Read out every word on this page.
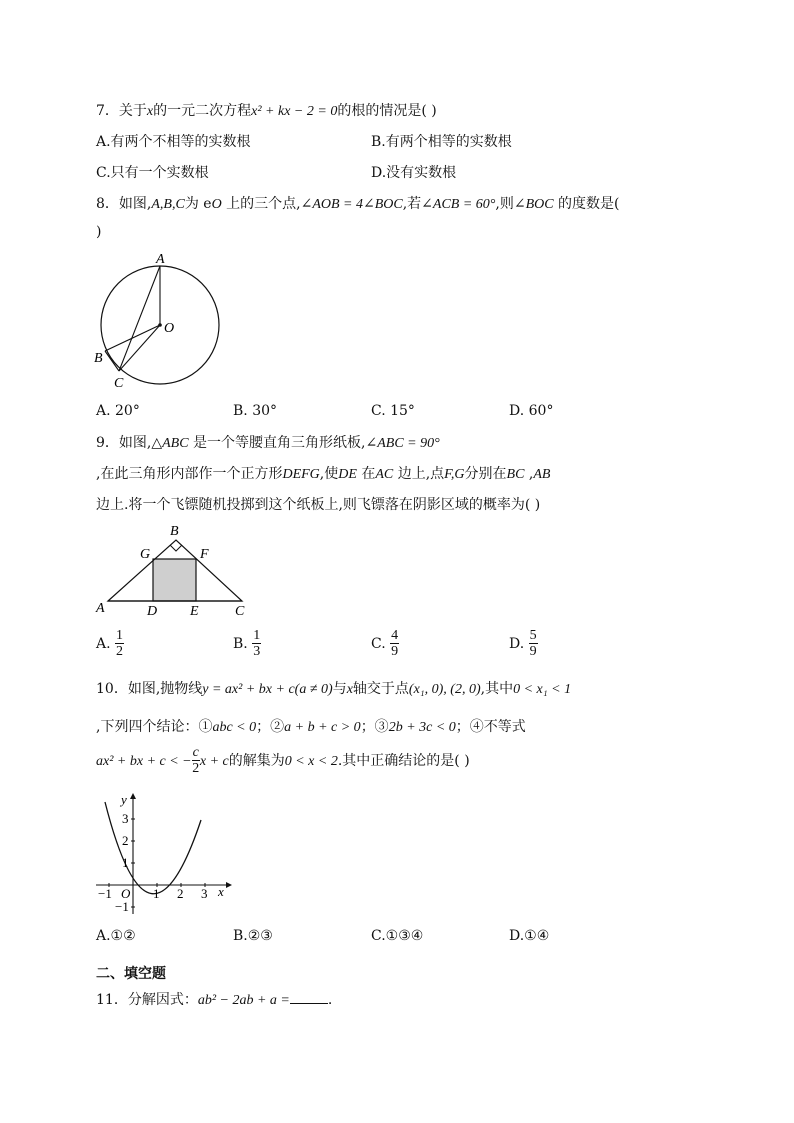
7．关于x的一元二次方程x² + kx − 2 = 0的根的情况是( )
A.有两个不相等的实数根	B.有两个相等的实数根
C.只有一个实数根	D.没有实数根
8．如图,A,B,C为 eO 上的三个点,∠AOB = 4∠BOC,若∠ACB = 60°,则∠BOC 的度数是(
)
A
O
B
C
A. 20°	B. 30°	C. 15°	D. 60°
9．如图,△ABC 是一个等腰直角三角形纸板,∠ABC = 90°
,在此三角形内部作一个正方形DEFG,使DE 在AC 边上,点F,G分别在BC ,AB
边上.将一个飞镖随机投掷到这个纸板上,则飞镖落在阴影区域的概率为( )
B
G	F
A	D E	C
A. $\frac{1}{2}$	B. $\frac{1}{3}$	C. $\frac{4}{9}$	D. $\frac{5}{9}$
10．如图,抛物线y = ax² + bx + c(a ≠ 0)与x轴交于点(x₁, 0), (2, 0),其中0 < x₁ < 1
,下列四个结论：①abc < 0；②a + b + c > 0；③2b + 3c < 0；④不等式
ax² + bx + c < − $\frac{c}{2}$ x + c的解集为0 < x < 2.其中正确结论的是( )
y
x
O
3
2
1
−1
−1	1 2 3
A.①②	B.②③	C.①③④	D.①④
二、填空题
11．分解因式：ab² − 2ab + a =	.
